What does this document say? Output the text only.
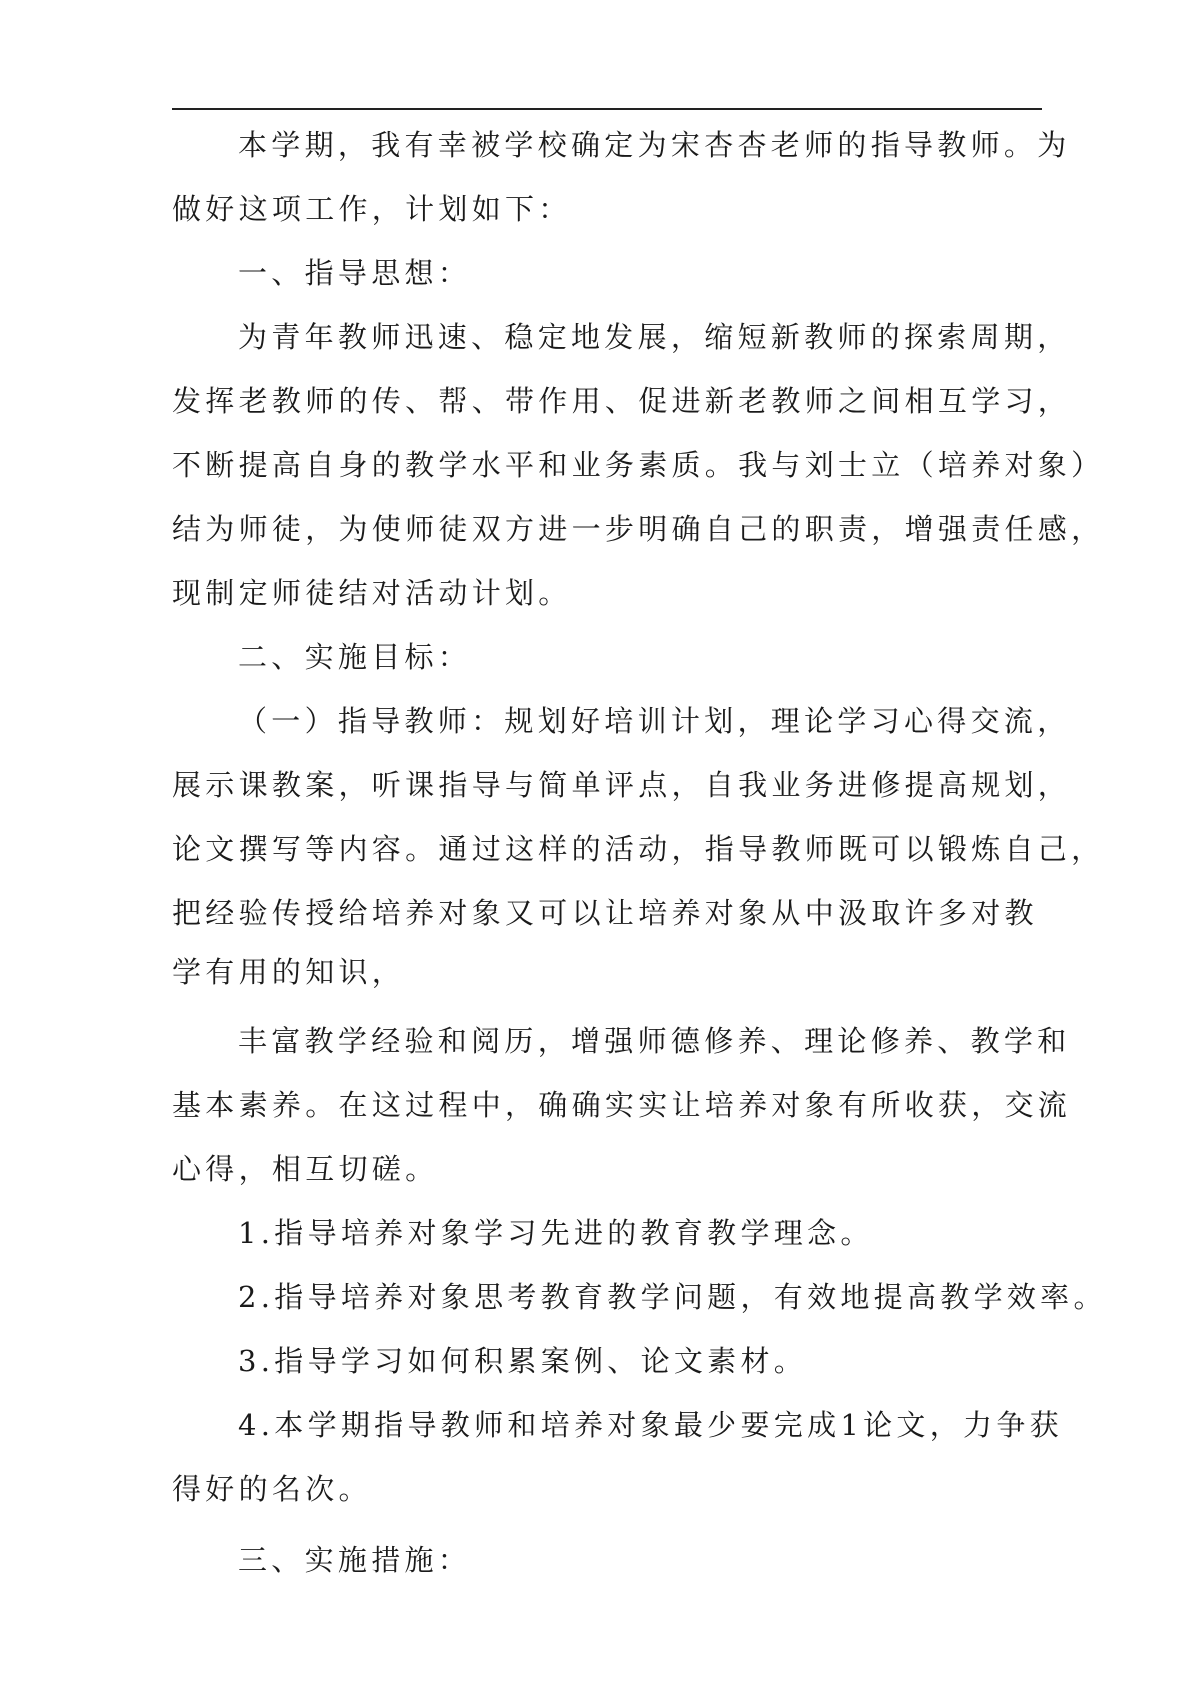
本学期，我有幸被学校确定为宋杏杏老师的指导教师。为

做好这项工作，计划如下：

一、指导思想：

为青年教师迅速、稳定地发展，缩短新教师的探索周期，

发挥老教师的传、帮、带作用、促进新老教师之间相互学习，

不断提高自身的教学水平和业务素质。我与刘士立（培养对象）

结为师徒，为使师徒双方进一步明确自己的职责，增强责任感，

现制定师徒结对活动计划。

二、实施目标：

（一）指导教师：规划好培训计划，理论学习心得交流，

展示课教案，听课指导与简单评点，自我业务进修提高规划，

论文撰写等内容。通过这样的活动，指导教师既可以锻炼自己，

把经验传授给培养对象又可以让培养对象从中汲取许多对教

学有用的知识，

丰富教学经验和阅历，增强师德修养、理论修养、教学和

基本素养。在这过程中，确确实实让培养对象有所收获，交流

心得，相互切磋。

1.指导培养对象学习先进的教育教学理念。

2.指导培养对象思考教育教学问题，有效地提高教学效率。

3.指导学习如何积累案例、论文素材。

4.本学期指导教师和培养对象最少要完成1论文，力争获

得好的名次。

三、实施措施：
